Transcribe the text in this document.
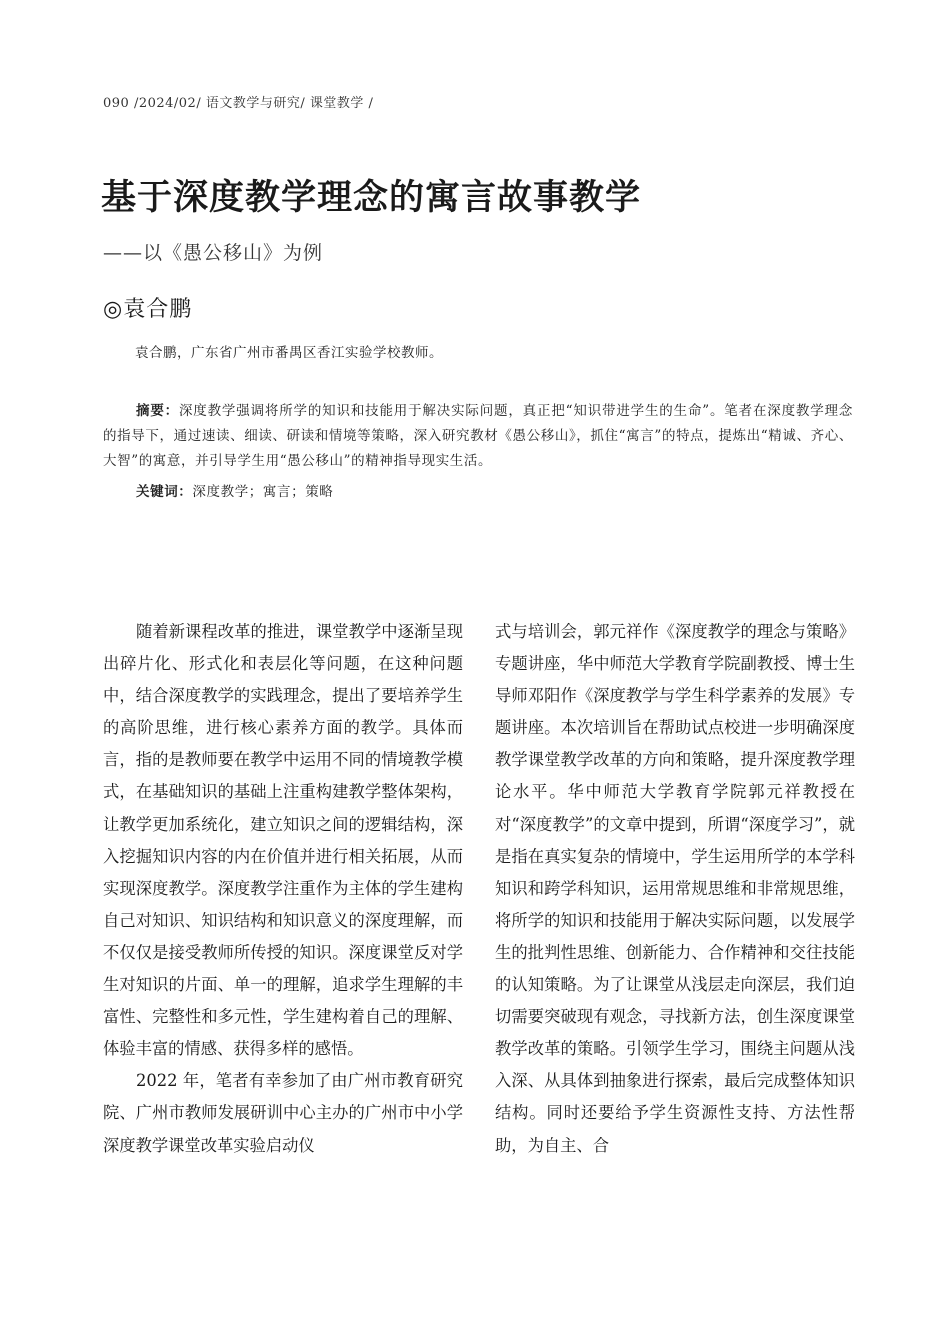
090 /2024/02/ 语文教学与研究/ 课堂教学 /
基于深度教学理念的寓言故事教学
——以《愚公移山》为例
◎袁合鹏
袁合鹏，广东省广州市番禺区香江实验学校教师。

摘要：深度教学强调将所学的知识和技能用于解决实际问题，真正把“知识带进学生的生命”。笔者在深度教学理念的指导下，通过速读、细读、研读和情境等策略，深入研究教材《愚公移山》，抓住“寓言”的特点，提炼出“精诚、齐心、大智”的寓意，并引导学生用“愚公移山”的精神指导现实生活。

关键词：深度教学；寓言；策略

随着新课程改革的推进，课堂教学中逐渐呈现出碎片化、形式化和表层化等问题，在这种问题中，结合深度教学的实践理念，提出了要培养学生的高阶思维，进行核心素养方面的教学。具体而言，指的是教师要在教学中运用不同的情境教学模式，在基础知识的基础上注重构建教学整体架构，让教学更加系统化，建立知识之间的逻辑结构，深入挖掘知识内容的内在价值并进行相关拓展，从而实现深度教学。深度教学注重作为主体的学生建构自己对知识、知识结构和知识意义的深度理解，而不仅仅是接受教师所传授的知识。深度课堂反对学生对知识的片面、单一的理解，追求学生理解的丰富性、完整性和多元性，学生建构着自己的理解、体验丰富的情感、获得多样的感悟。

2022 年，笔者有幸参加了由广州市教育研究院、广州市教师发展研训中心主办的广州市中小学深度教学课堂改革实验启动仪

式与培训会，郭元祥作《深度教学的理念与策略》专题讲座，华中师范大学教育学院副教授、博士生导师邓阳作《深度教学与学生科学素养的发展》专题讲座。本次培训旨在帮助试点校进一步明确深度教学课堂教学改革的方向和策略，提升深度教学理论水平。华中师范大学教育学院郭元祥教授在对“深度教学”的文章中提到，所谓“深度学习”，就是指在真实复杂的情境中，学生运用所学的本学科知识和跨学科知识，运用常规思维和非常规思维，将所学的知识和技能用于解决实际问题，以发展学生的批判性思维、创新能力、合作精神和交往技能的认知策略。为了让课堂从浅层走向深层，我们迫切需要突破现有观念，寻找新方法，创生深度课堂教学改革的策略。引领学生学习，围绕主问题从浅入深、从具体到抽象进行探索，最后完成整体知识结构。同时还要给予学生资源性支持、方法性帮助，为自主、合
